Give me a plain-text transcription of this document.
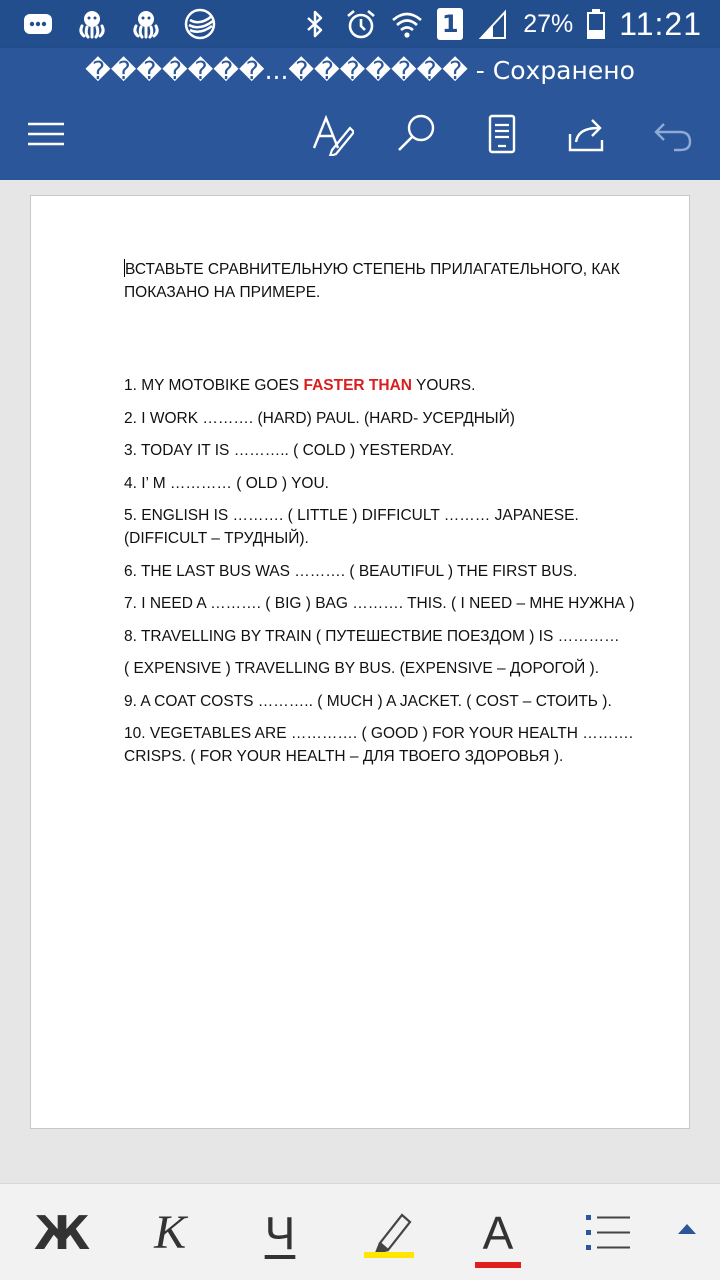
1	27% 11:21
�������...������� - Сохранено

ВСТАВЬТЕ СРАВНИТЕЛЬНУЮ СТЕПЕНЬ ПРИЛАГАТЕЛЬНОГО, КАК ПОКАЗАНО НА ПРИМЕРЕ.

1. MY MOTOBIKE GOES FASTER THAN YOURS.

2. I WORK ………. (HARD) PAUL. (HARD- УСЕРДНЫЙ)

3. TODAY IT IS ……….. ( COLD ) YESTERDAY.

4. I’ M ………… ( OLD ) YOU.

5. ENGLISH IS ………. ( LITTLE ) DIFFICULT ……… JAPANESE. (DIFFICULT – ТРУДНЫЙ).

6. THE LAST BUS WAS ………. ( BEAUTIFUL ) THE FIRST BUS.

7. I NEED A ………. ( BIG ) BAG ………. THIS. ( I NEED – МНЕ НУЖНА )

8. TRAVELLING BY TRAIN ( ПУТЕШЕСТВИЕ ПОЕЗДОМ ) IS …………

( EXPENSIVE ) TRAVELLING BY BUS. (EXPENSIVE – ДОРОГОЙ ).

9. A COAT COSTS ……….. ( MUCH ) A JACKET. ( COST – СТОИТЬ ).

10. VEGETABLES ARE …………. ( GOOD ) FOR YOUR HEALTH ………. CRISPS. ( FOR YOUR HEALTH – ДЛЯ ТВОЕГО ЗДОРОВЬЯ ).

Ж К Ч	А
